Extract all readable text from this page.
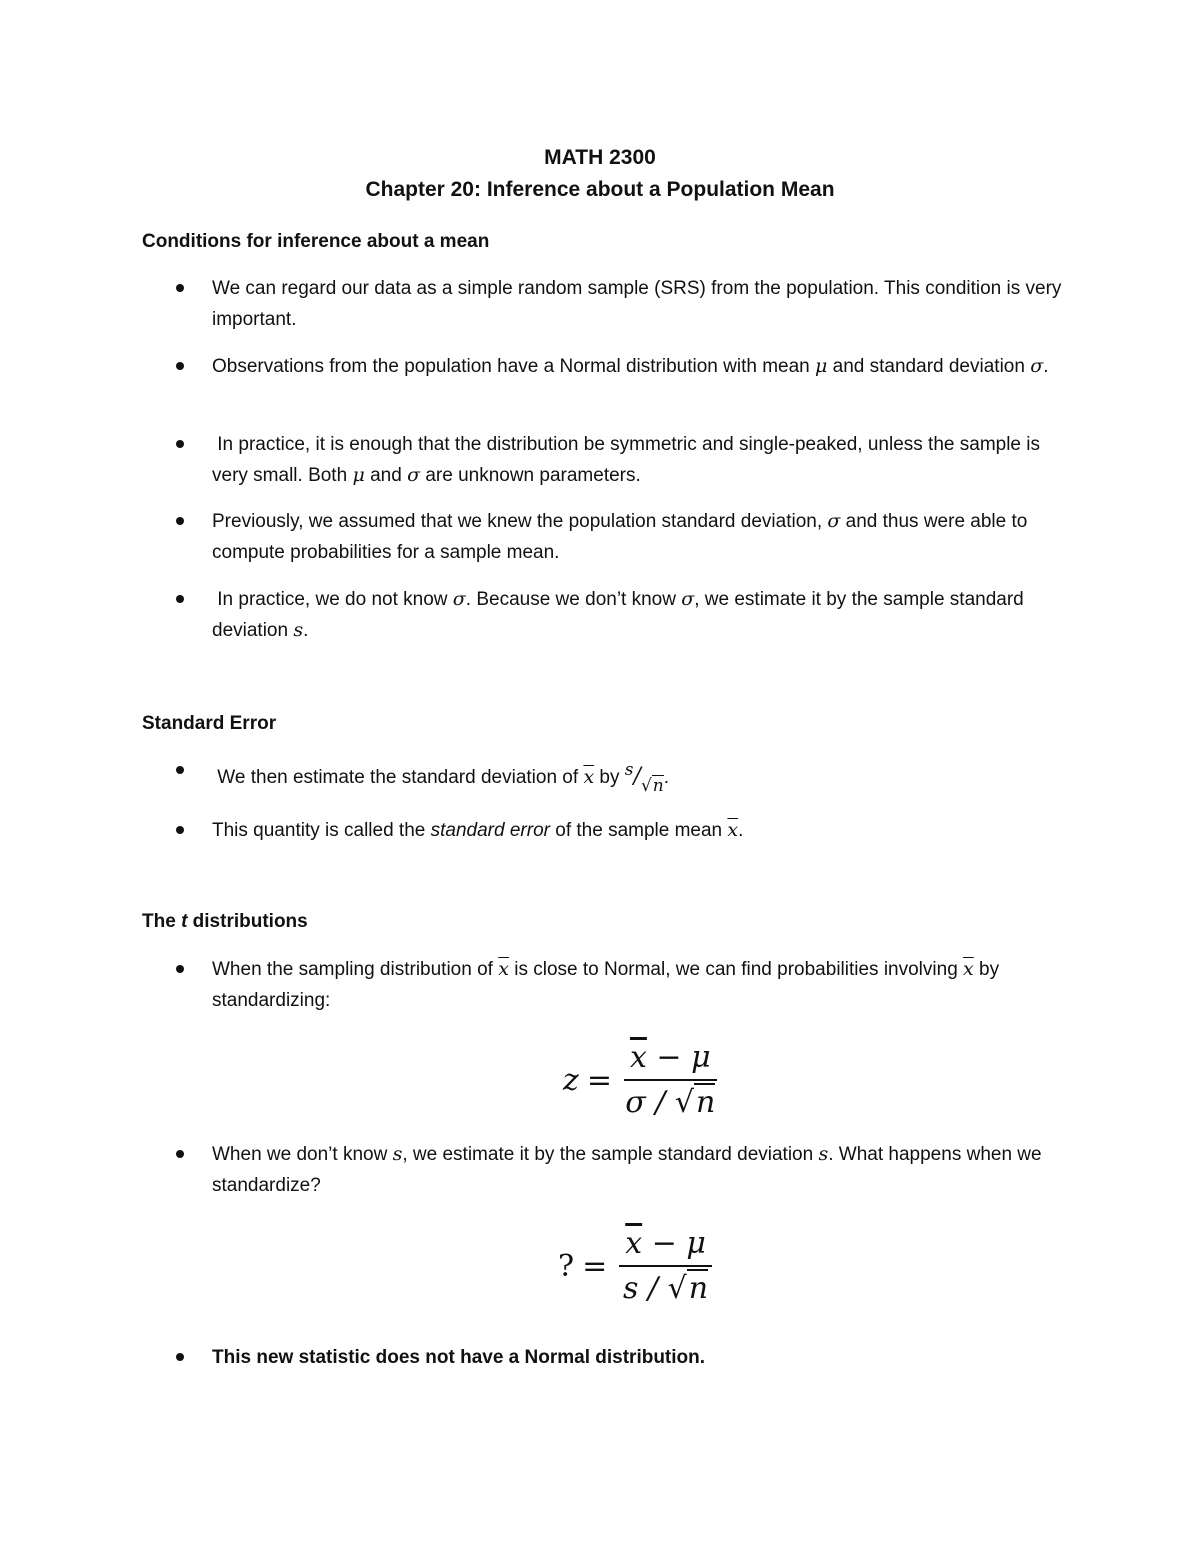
MATH 2300
Chapter 20: Inference about a Population Mean
Conditions for inference about a mean
We can regard our data as a simple random sample (SRS) from the population. This condition is very important.
Observations from the population have a Normal distribution with mean μ and standard deviation σ.
In practice, it is enough that the distribution be symmetric and single-peaked, unless the sample is very small. Both μ and σ are unknown parameters.
Previously, we assumed that we knew the population standard deviation, σ and thus were able to compute probabilities for a sample mean.
In practice, we do not know σ. Because we don’t know σ, we estimate it by the sample standard deviation s.
Standard Error
We then estimate the standard deviation of $\overline{x}$ by s/√n.
This quantity is called the standard error of the sample mean $\overline{x}$.
The t distributions
When the sampling distribution of $\overline{x}$ is close to Normal, we can find probabilities involving $\overline{x}$ by standardizing:
$z = \frac{\overline{x} - \mu}{\sigma / √n}$
When we don’t know s, we estimate it by the sample standard deviation s. What happens when we standardize?
? = $\frac{\overline{x} - \mu}{s / √n}$
This new statistic does not have a Normal distribution.
